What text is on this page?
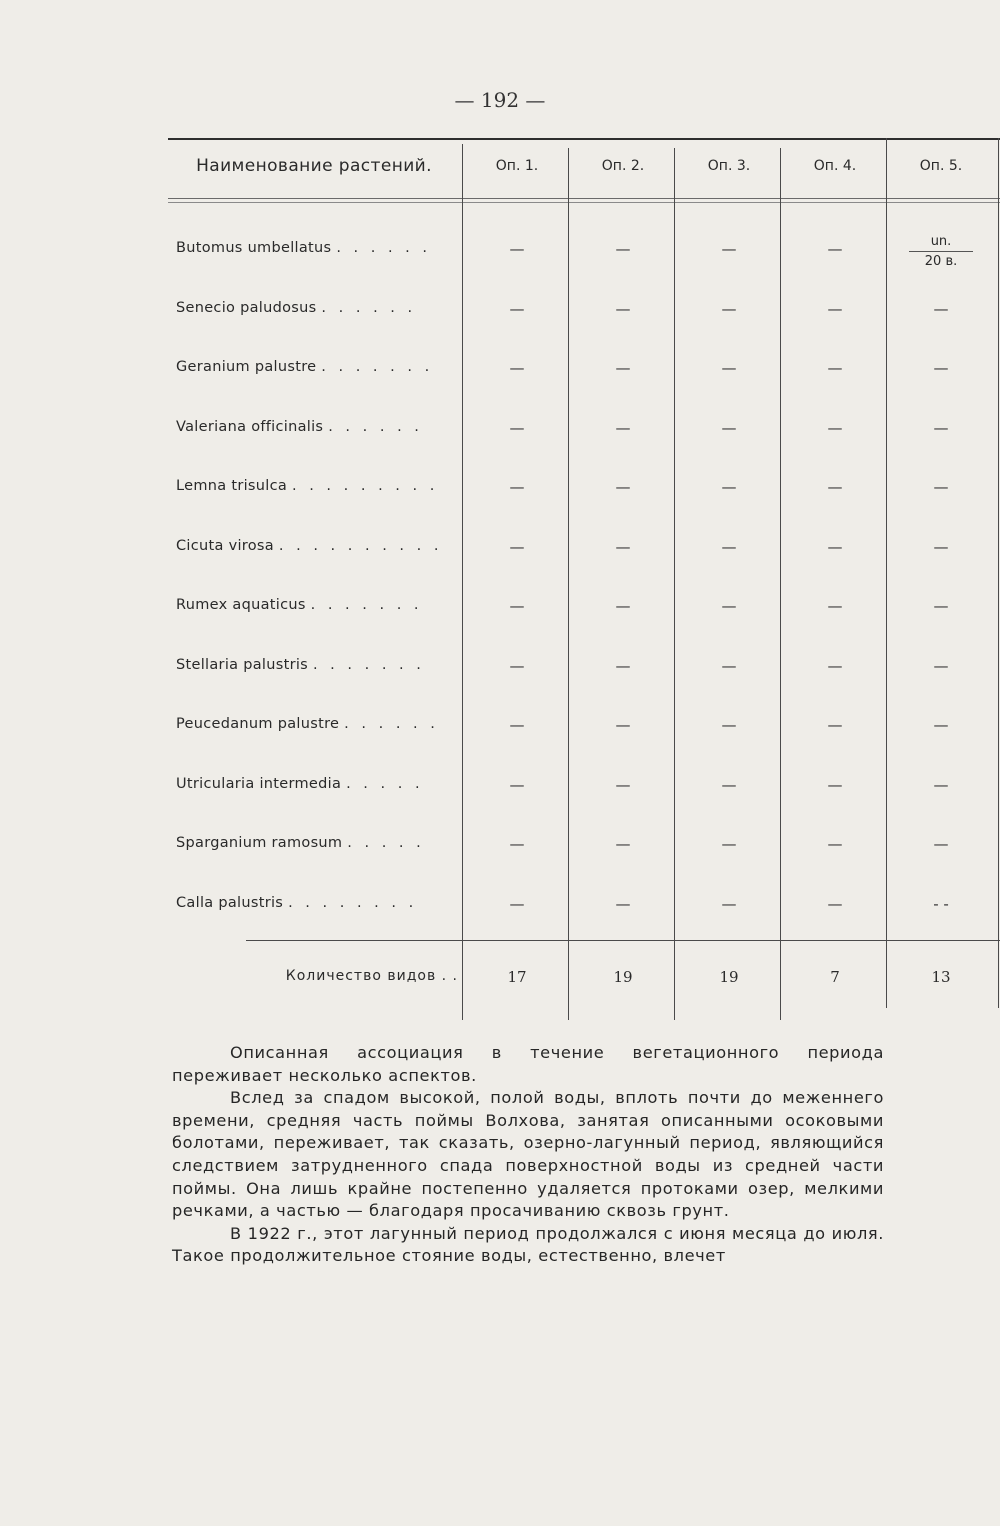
— 192 —
Наименование растений.	Оп. 1.	Оп. 2.	Оп. 3.	Оп. 4.	Оп. 5.
Butomus umbellatus . . . . . .	—	—	—	—	un.
20 в.
Senecio paludosus . . . . . .	—	—	—	—	—
Geranium palustre . . . . . . .	—	—	—	—	—
Valeriana officinalis . . . . . .	—	—	—	—	—
Lemna trisulca . . . . . . . . .	—	—	—	—	—
Cicuta virosa . . . . . . . . . .	—	—	—	—	—
Rumex aquaticus . . . . . . .	—	—	—	—	—
Stellaria palustris . . . . . . .	—	—	—	—	—
Peucedanum palustre . . . . . .	—	—	—	—	—
Utricularia intermedia . . . . .	—	—	—	—	—
Sparganium ramosum . . . . .	—	—	—	—	—
Calla palustris . . . . . . . .	—	—	—	—	- -
Количество видов . .	17	19	19	7	13

Описанная ассоциация в течение вегетационного периода переживает несколько аспектов.

Вслед за спадом высокой, полой воды, вплоть почти до меженнего времени, средняя часть поймы Волхова, занятая описанными осоковыми болотами, переживает, так сказать, озерно-лагунный период, являющийся следствием затрудненного спада поверхностной воды из средней части поймы. Она лишь крайне постепенно удаляется протоками озер, мелкими речками, а частью — благодаря просачиванию сквозь грунт.

В 1922 г., этот лагунный период продолжался с июня месяца до июля. Такое продолжительное стояние воды, естественно, влечет
